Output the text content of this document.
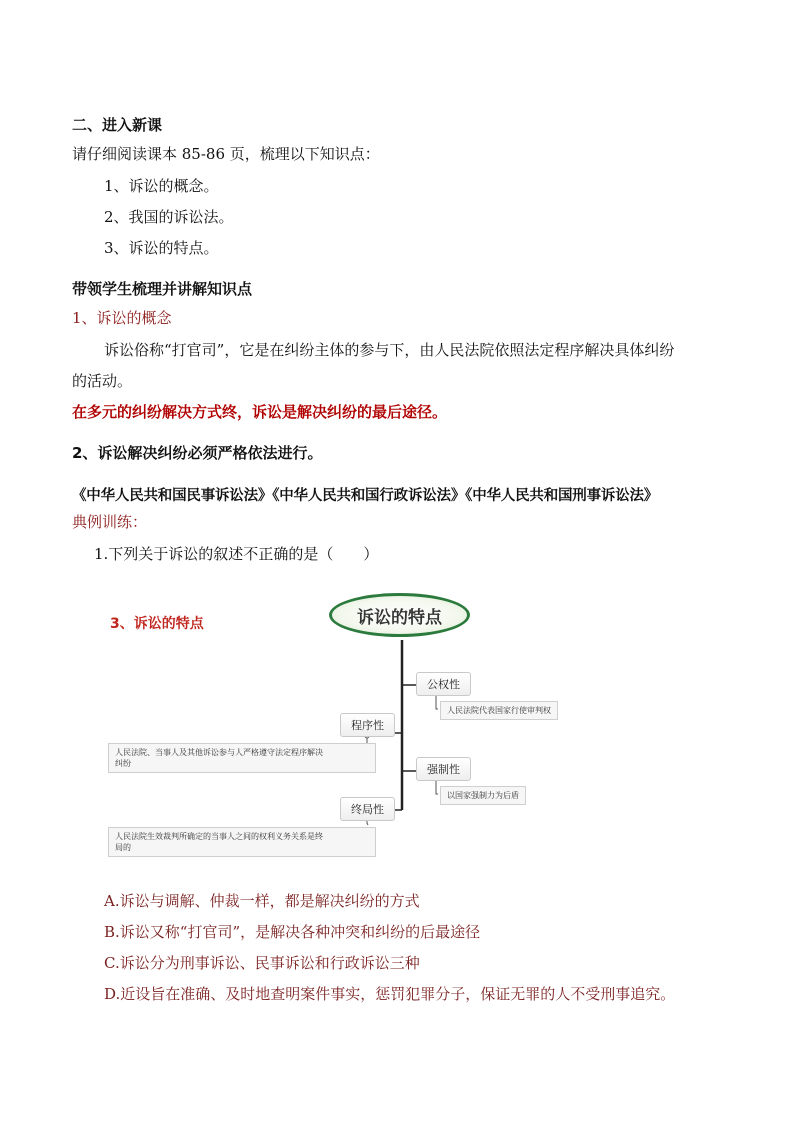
二、进入新课
请仔细阅读课本 85-86 页，梳理以下知识点：
1、诉讼的概念。
2、我国的诉讼法。
3、诉讼的特点。
带领学生梳理并讲解知识点
1、诉讼的概念
诉讼俗称“打官司”，它是在纠纷主体的参与下，由人民法院依照法定程序解决具体纠纷
的活动。
在多元的纠纷解决方式终，诉讼是解决纠纷的最后途径。
2、诉讼解决纠纷必须严格依法进行。
《中华人民共和国民事诉讼法》《中华人民共和国行政诉讼法》《中华人民共和国刑事诉讼法》
典例训练：
1.下列关于诉讼的叙述不正确的是（　　）
3、诉讼的特点	诉讼的特点
公权性
人民法院代表国家行使审判权
程序性
人民法院、当事人及其他诉讼参与人严格遵守法定程序解决
纠纷	强制性
以国家强制力为后盾
终局性
人民法院生效裁判所确定的当事人之间的权利义务关系是终
局的
A.诉讼与调解、仲裁一样，都是解决纠纷的方式
B.诉讼又称“打官司”，是解决各种冲突和纠纷的后最途径
C.诉讼分为刑事诉讼、民事诉讼和行政诉讼三种
D.近设旨在准确、及时地查明案件事实，惩罚犯罪分子，保证无罪的人不受刑事追究。
